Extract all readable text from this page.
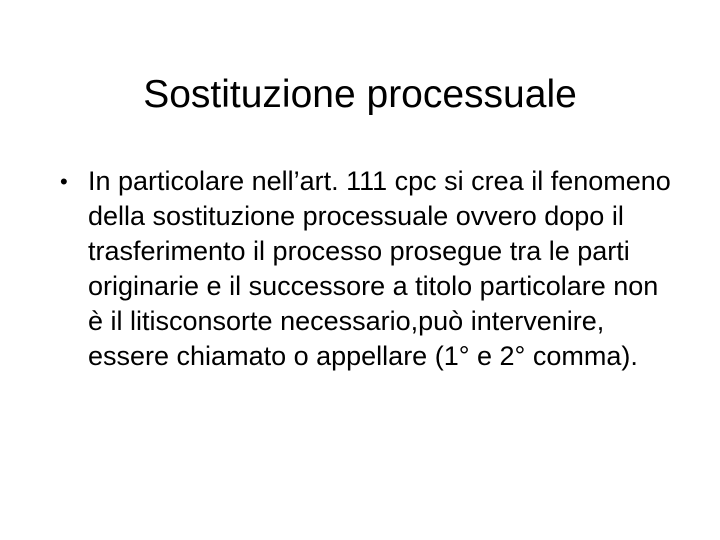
Sostituzione processuale
• In particolare nell’art. 111 cpc si crea il fenomeno della sostituzione processuale ovvero dopo il trasferimento il processo prosegue tra le parti originarie e il successore a titolo particolare non è il litisconsorte necessario,può intervenire, essere chiamato o appellare (1° e 2° comma).
